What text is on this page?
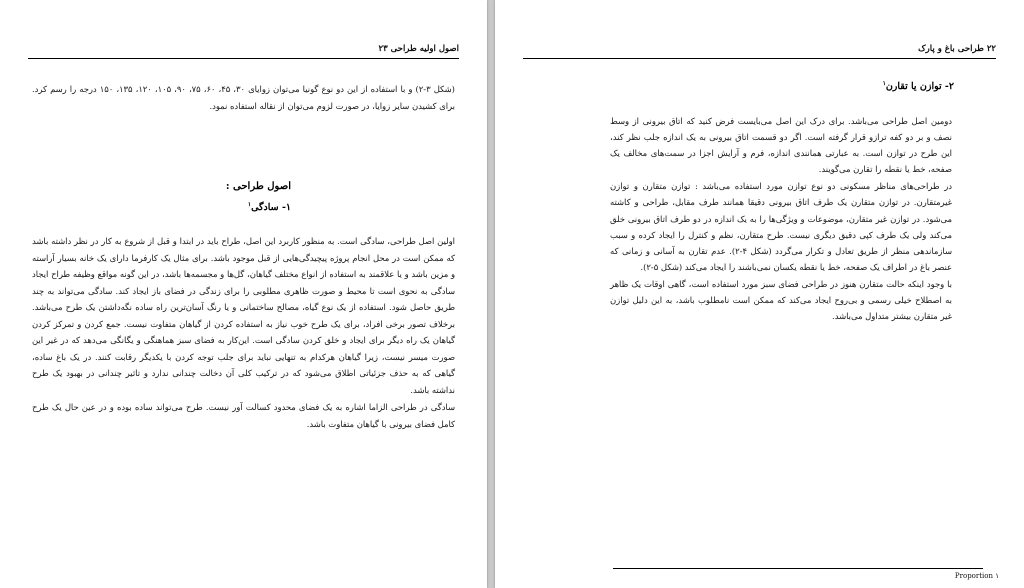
اصول اولیه طراحی ۲۳
(شکل ۳-۲) و با استفاده از این دو نوع گونیا می‌توان زوایای ۳۰، ۴۵، ۶۰، ۷۵، ۹۰، ۱۰۵، ۱۲۰، ۱۳۵، ۱۵۰ درجه را رسم کرد. برای کشیدن سایر زوایا، در صورت لزوم می‌توان از نقاله استفاده نمود.
اصول طراحی :
۱- سادگی$^۱$

اولین اصل طراحی، سادگی است. به منظور کاربرد این اصل، طراح باید در ابتدا و قبل از شروع به کار در نظر داشته باشد که ممکن است در محل انجام پروژه پیچیدگی‌هایی از قبل موجود باشد. برای مثال یک کارفرما دارای یک خانه بسیار آراسته و مزین باشد و یا علاقمند به استفاده از انواع مختلف گیاهان، گل‌ها و مجسمه‌ها باشد، در این گونه مواقع وظیفه طراح ایجاد سادگی به نحوی است تا محیط و صورت ظاهری مطلوبی را برای زندگی در فضای باز ایجاد کند. سادگی می‌تواند به چند طریق حاصل شود. استفاده از یک نوع گیاه، مصالح ساختمانی و یا رنگ آسان‌ترین راه ساده نگه‌داشتن یک طرح می‌باشد. برخلاف تصور برخی افراد، برای یک طرح خوب نیاز به استفاده کردن از گیاهان متفاوت نیست. جمع کردن و تمرکز کردن گیاهان یک راه دیگر برای ایجاد و خلق کردن سادگی است. این‌کار به فضای سبز هماهنگی و یگانگی می‌دهد که در غیر این صورت میسر نیست، زیرا گیاهان هرکدام به تنهایی نباید برای جلب توجه کردن با یکدیگر رقابت کنند. در یک باغ ساده، گیاهی که به حذف جزئیاتی اطلاق می‌شود که در ترکیب کلی آن دخالت چندانی ندارد و تاثیر چندانی در بهبود یک طرح نداشته باشد.

سادگی در طراحی الزاما اشاره به یک فضای محدود کسالت آور نیست. طرح می‌تواند ساده بوده و در عین حال یک طرح کامل فضای بیرونی با گیاهان متفاوت باشد.

۲۲ طراحی باغ و پارک
۲- توازن یا تقارن$^۱$

دومین اصل طراحی می‌باشد. برای درک این اصل می‌بایست فرض کنید که اتاق بیرونی از وسط نصف و بر دو کفه ترازو قرار گرفته است. اگر دو قسمت اتاق بیرونی به یک اندازه جلب نظر کند، این طرح در توازن است. به عبارتی همانندی اندازه، فرم و آرایش اجزا در سمت‌های مخالف یک صفحه، خط یا نقطه را تقارن می‌گویند.

در طراحی‌های مناظر مسکونی دو نوع توازن مورد استفاده می‌باشد : توازن متقارن و توازن غیرمتقارن. در توازن متقارن یک طرف اتاق بیرونی دقیقا همانند طرف مقابل، طراحی و کاشته می‌شود. در توازن غیر متقارن، موضوعات و ویژگی‌ها را به یک اندازه در دو طرف اتاق بیرونی خلق می‌کند ولی یک طرف کپی دقیق دیگری نیست. طرح متقارن، نظم و کنترل را ایجاد کرده و سبب سازماندهی منظر از طریق تعادل و تکرار می‌گردد (شکل ۴-۲). عدم تقارن به آسانی و زمانی که عنصر باغ در اطراف یک صفحه، خط یا نقطه یکسان نمی‌باشند را ایجاد می‌کند (شکل ۵-۲).

با وجود اینکه حالت متقارن هنوز در طراحی فضای سبز مورد استفاده است، گاهی اوقات یک ظاهر به اصطلاح خیلی رسمی و بی‌روح ایجاد می‌کند که ممکن است نامطلوب باشد، به این دلیل توازن غیر متقارن بیشتر متداول می‌باشد.

Proportion ۱
